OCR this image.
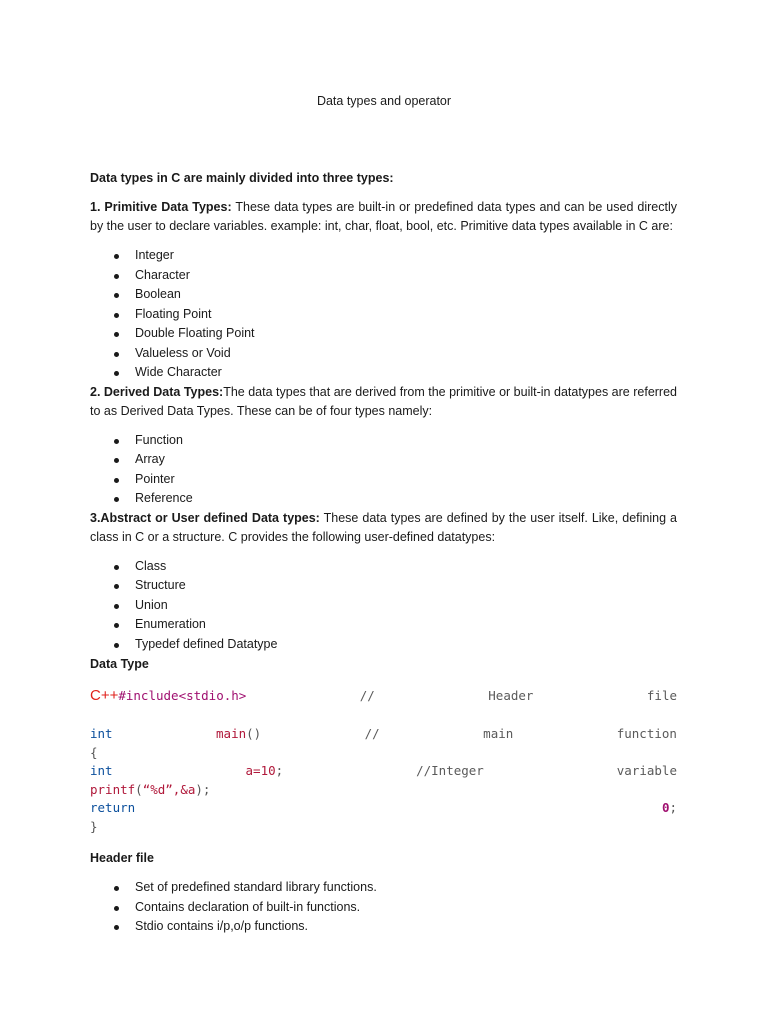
Data types and operator
Data types in C are mainly divided into three types:
1. Primitive Data Types: These data types are built-in or predefined data types and can be used directly by the user to declare variables. example: int, char, float, bool, etc. Primitive data types available in C are:
Integer
Character
Boolean
Floating Point
Double Floating Point
Valueless or Void
Wide Character
2. Derived Data Types:The data types that are derived from the primitive or built-in datatypes are referred to as Derived Data Types. These can be of four types namely:
Function
Array
Pointer
Reference
3.Abstract or User defined Data types: These data types are defined by the user itself. Like, defining a class in C or a structure. C provides the following user-defined datatypes:
Class
Structure
Union
Enumeration
Typedef defined Datatype
Data Type
C++#include<stdio.h>	//	Header	file
int	main()	//	main	function
{
int	a=10;	//Integer	variable
printf(“%d”,&a);
return	0;
}
Header file
Set of predefined standard library functions.
Contains declaration of built-in functions.
Stdio contains i/p,o/p functions.
